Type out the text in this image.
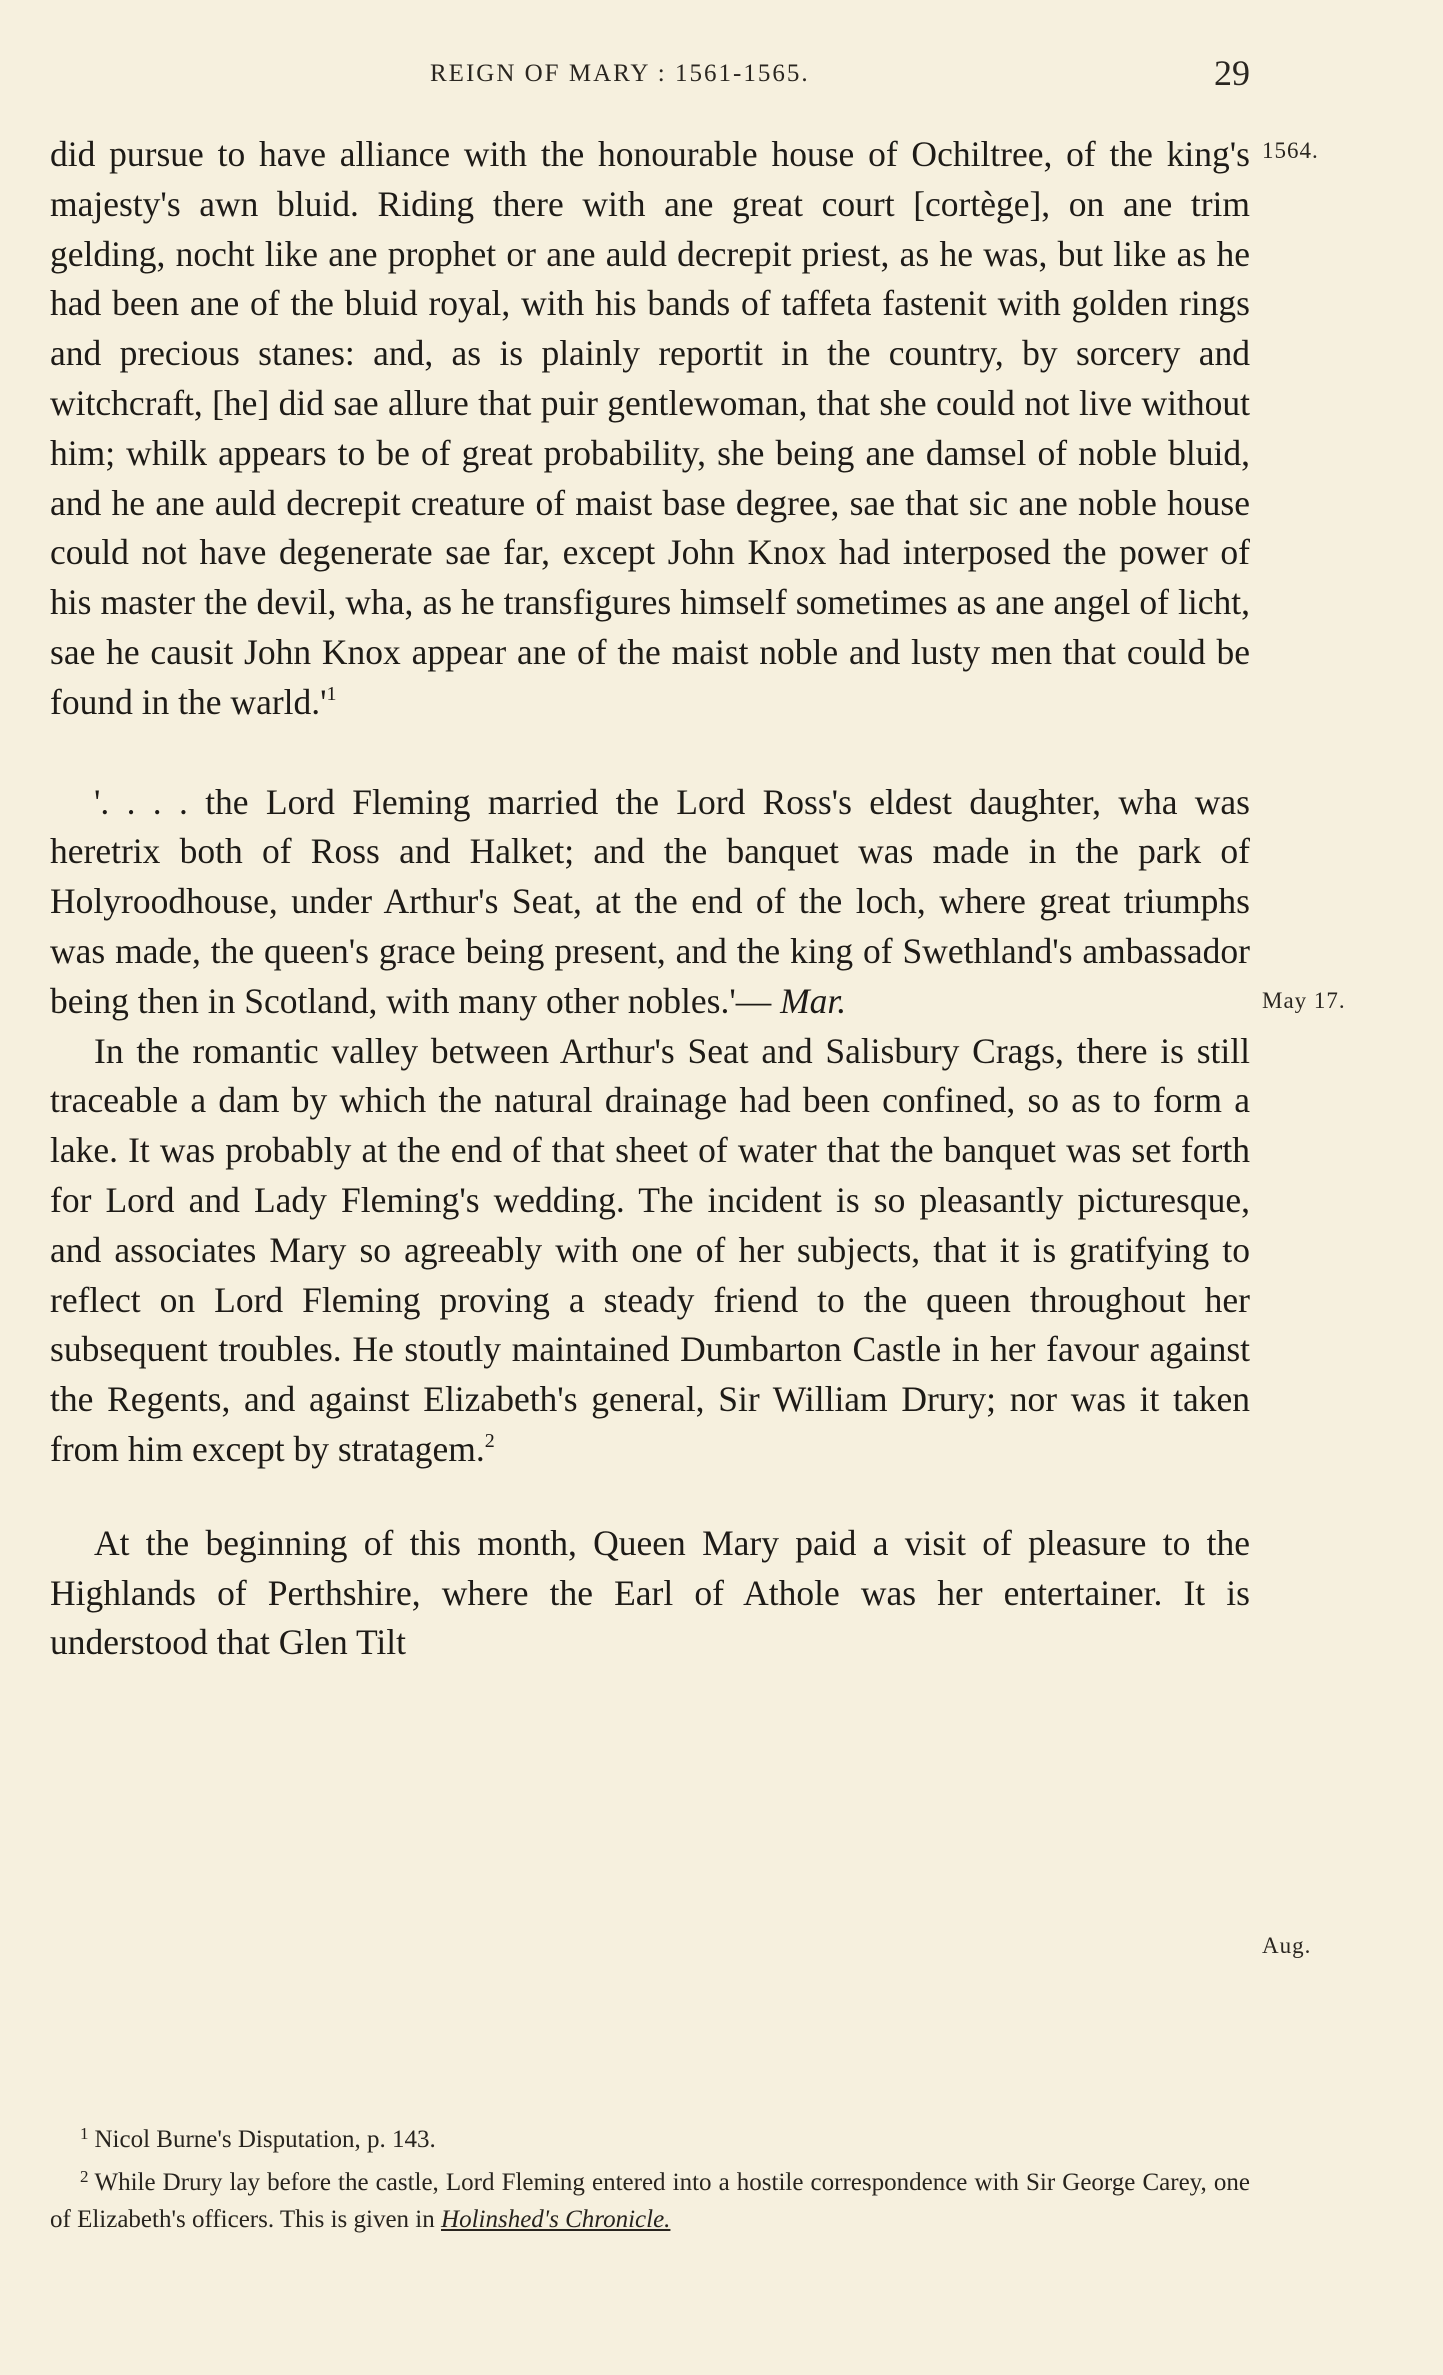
REIGN OF MARY : 1561-1565.	29
1564.
May 17.
Aug.

did pursue to have alliance with the honourable house of Ochiltree, of the king's majesty's awn bluid. Riding there with ane great court [cortège], on ane trim gelding, nocht like ane prophet or ane auld decrepit priest, as he was, but like as he had been ane of the bluid royal, with his bands of taffeta fastenit with golden rings and precious stanes: and, as is plainly reportit in the country, by sorcery and witchcraft, [he] did sae allure that puir gentlewoman, that she could not live without him; whilk appears to be of great probability, she being ane damsel of noble bluid, and he ane auld decrepit creature of maist base degree, sae that sic ane noble house could not have degenerate sae far, except John Knox had interposed the power of his master the devil, wha, as he transfigures himself sometimes as ane angel of licht, sae he causit John Knox appear ane of the maist noble and lusty men that could be found in the $warld.'^1$

'. . . . the Lord Fleming married the Lord Ross's eldest daughter, wha was heretrix both of Ross and Halket; and the banquet was made in the park of Holyroodhouse, under Arthur's Seat, at the end of the loch, where great triumphs was made, the queen's grace being present, and the king of Swethland's ambassador being then in Scotland, with many other nobles.'— Mar.

In the romantic valley between Arthur's Seat and Salisbury Crags, there is still traceable a dam by which the natural drainage had been confined, so as to form a lake. It was probably at the end of that sheet of water that the banquet was set forth for Lord and Lady Fleming's wedding. The incident is so pleasantly picturesque, and associates Mary so agreeably with one of her subjects, that it is gratifying to reflect on Lord Fleming proving a steady friend to the queen throughout her subsequent troubles. He stoutly maintained Dumbarton Castle in her favour against the Regents, and against Elizabeth's general, Sir William Drury; nor was it taken from him except by stratagem.$^2$

At the beginning of this month, Queen Mary paid a visit of pleasure to the Highlands of Perthshire, where the Earl of Athole was her entertainer. It is understood that Glen Tilt

$^1$ Nicol Burne's Disputation, p. 143.

$^2$ While Drury lay before the castle, Lord Fleming entered into a hostile correspondence with Sir George Carey, one of Elizabeth's officers. This is given in Holinshed's Chronicle.
